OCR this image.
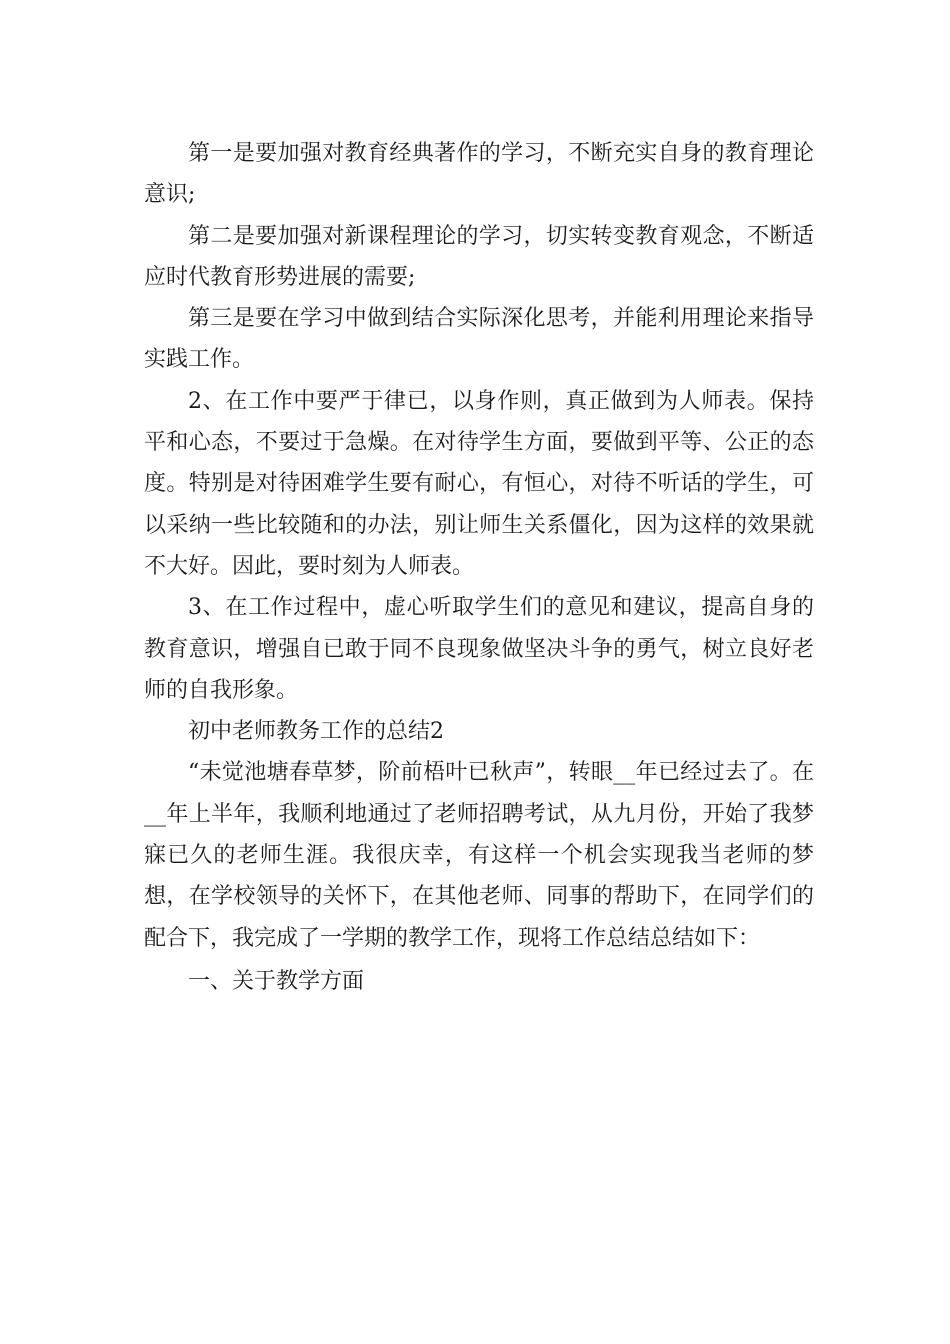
第一是要加强对教育经典著作的学习，不断充实自身的教育理论意识;

第二是要加强对新课程理论的学习，切实转变教育观念，不断适应时代教育形势进展的需要;

第三是要在学习中做到结合实际深化思考，并能利用理论来指导实践工作。

2、在工作中要严于律已，以身作则，真正做到为人师表。保持平和心态，不要过于急燥。在对待学生方面，要做到平等、公正的态度。特别是对待困难学生要有耐心，有恒心，对待不听话的学生，可以采纳一些比较随和的办法，别让师生关系僵化，因为这样的效果就不大好。因此，要时刻为人师表。

3、在工作过程中，虚心听取学生们的意见和建议，提高自身的教育意识，增强自已敢于同不良现象做坚决斗争的勇气，树立良好老师的自我形象。

初中老师教务工作的总结2

“未觉池塘春草梦，阶前梧叶已秋声”，转眼__年已经过去了。在__年上半年，我顺利地通过了老师招聘考试，从九月份，开始了我梦寐已久的老师生涯。我很庆幸，有这样一个机会实现我当老师的梦想，在学校领导的关怀下，在其他老师、同事的帮助下，在同学们的配合下，我完成了一学期的教学工作，现将工作总结总结如下：

一、关于教学方面
